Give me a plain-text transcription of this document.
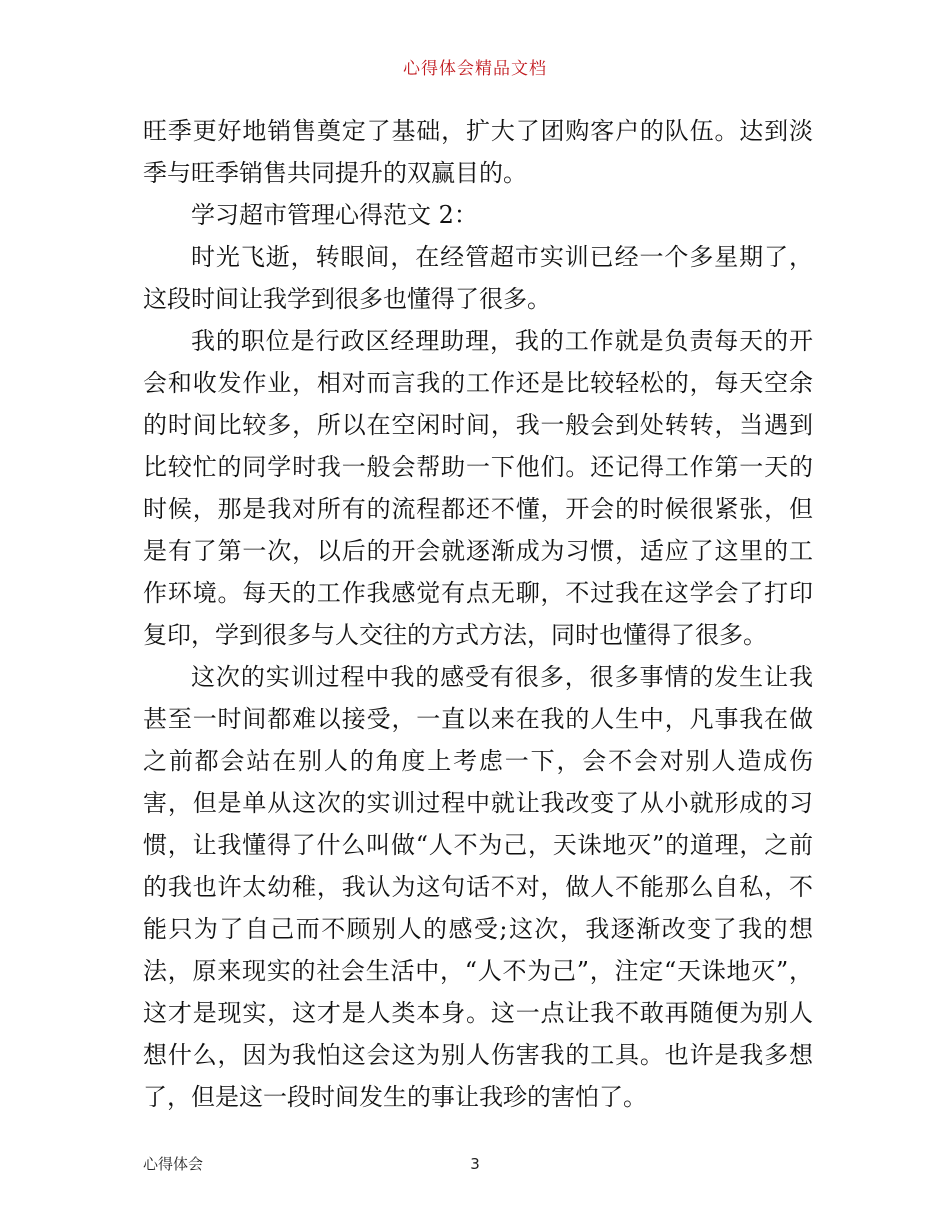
心得体会精品文档

旺季更好地销售奠定了基础，扩大了团购客户的队伍。达到淡季与旺季销售共同提升的双赢目的。

学习超市管理心得范文 2：

时光飞逝，转眼间，在经管超市实训已经一个多星期了，这段时间让我学到很多也懂得了很多。

我的职位是行政区经理助理，我的工作就是负责每天的开会和收发作业，相对而言我的工作还是比较轻松的，每天空余的时间比较多，所以在空闲时间，我一般会到处转转，当遇到比较忙的同学时我一般会帮助一下他们。还记得工作第一天的时候，那是我对所有的流程都还不懂，开会的时候很紧张，但是有了第一次，以后的开会就逐渐成为习惯，适应了这里的工作环境。每天的工作我感觉有点无聊，不过我在这学会了打印复印，学到很多与人交往的方式方法，同时也懂得了很多。

这次的实训过程中我的感受有很多，很多事情的发生让我甚至一时间都难以接受，一直以来在我的人生中，凡事我在做之前都会站在别人的角度上考虑一下，会不会对别人造成伤害，但是单从这次的实训过程中就让我改变了从小就形成的习惯，让我懂得了什么叫做“人不为己，天诛地灭”的道理，之前的我也许太幼稚，我认为这句话不对，做人不能那么自私，不能只为了自己而不顾别人的感受;这次，我逐渐改变了我的想法，原来现实的社会生活中，“人不为己”，注定“天诛地灭”，这才是现实，这才是人类本身。这一点让我不敢再随便为别人想什么，因为我怕这会这为别人伤害我的工具。也许是我多想了，但是这一段时间发生的事让我珍的害怕了。

心得体会	3
